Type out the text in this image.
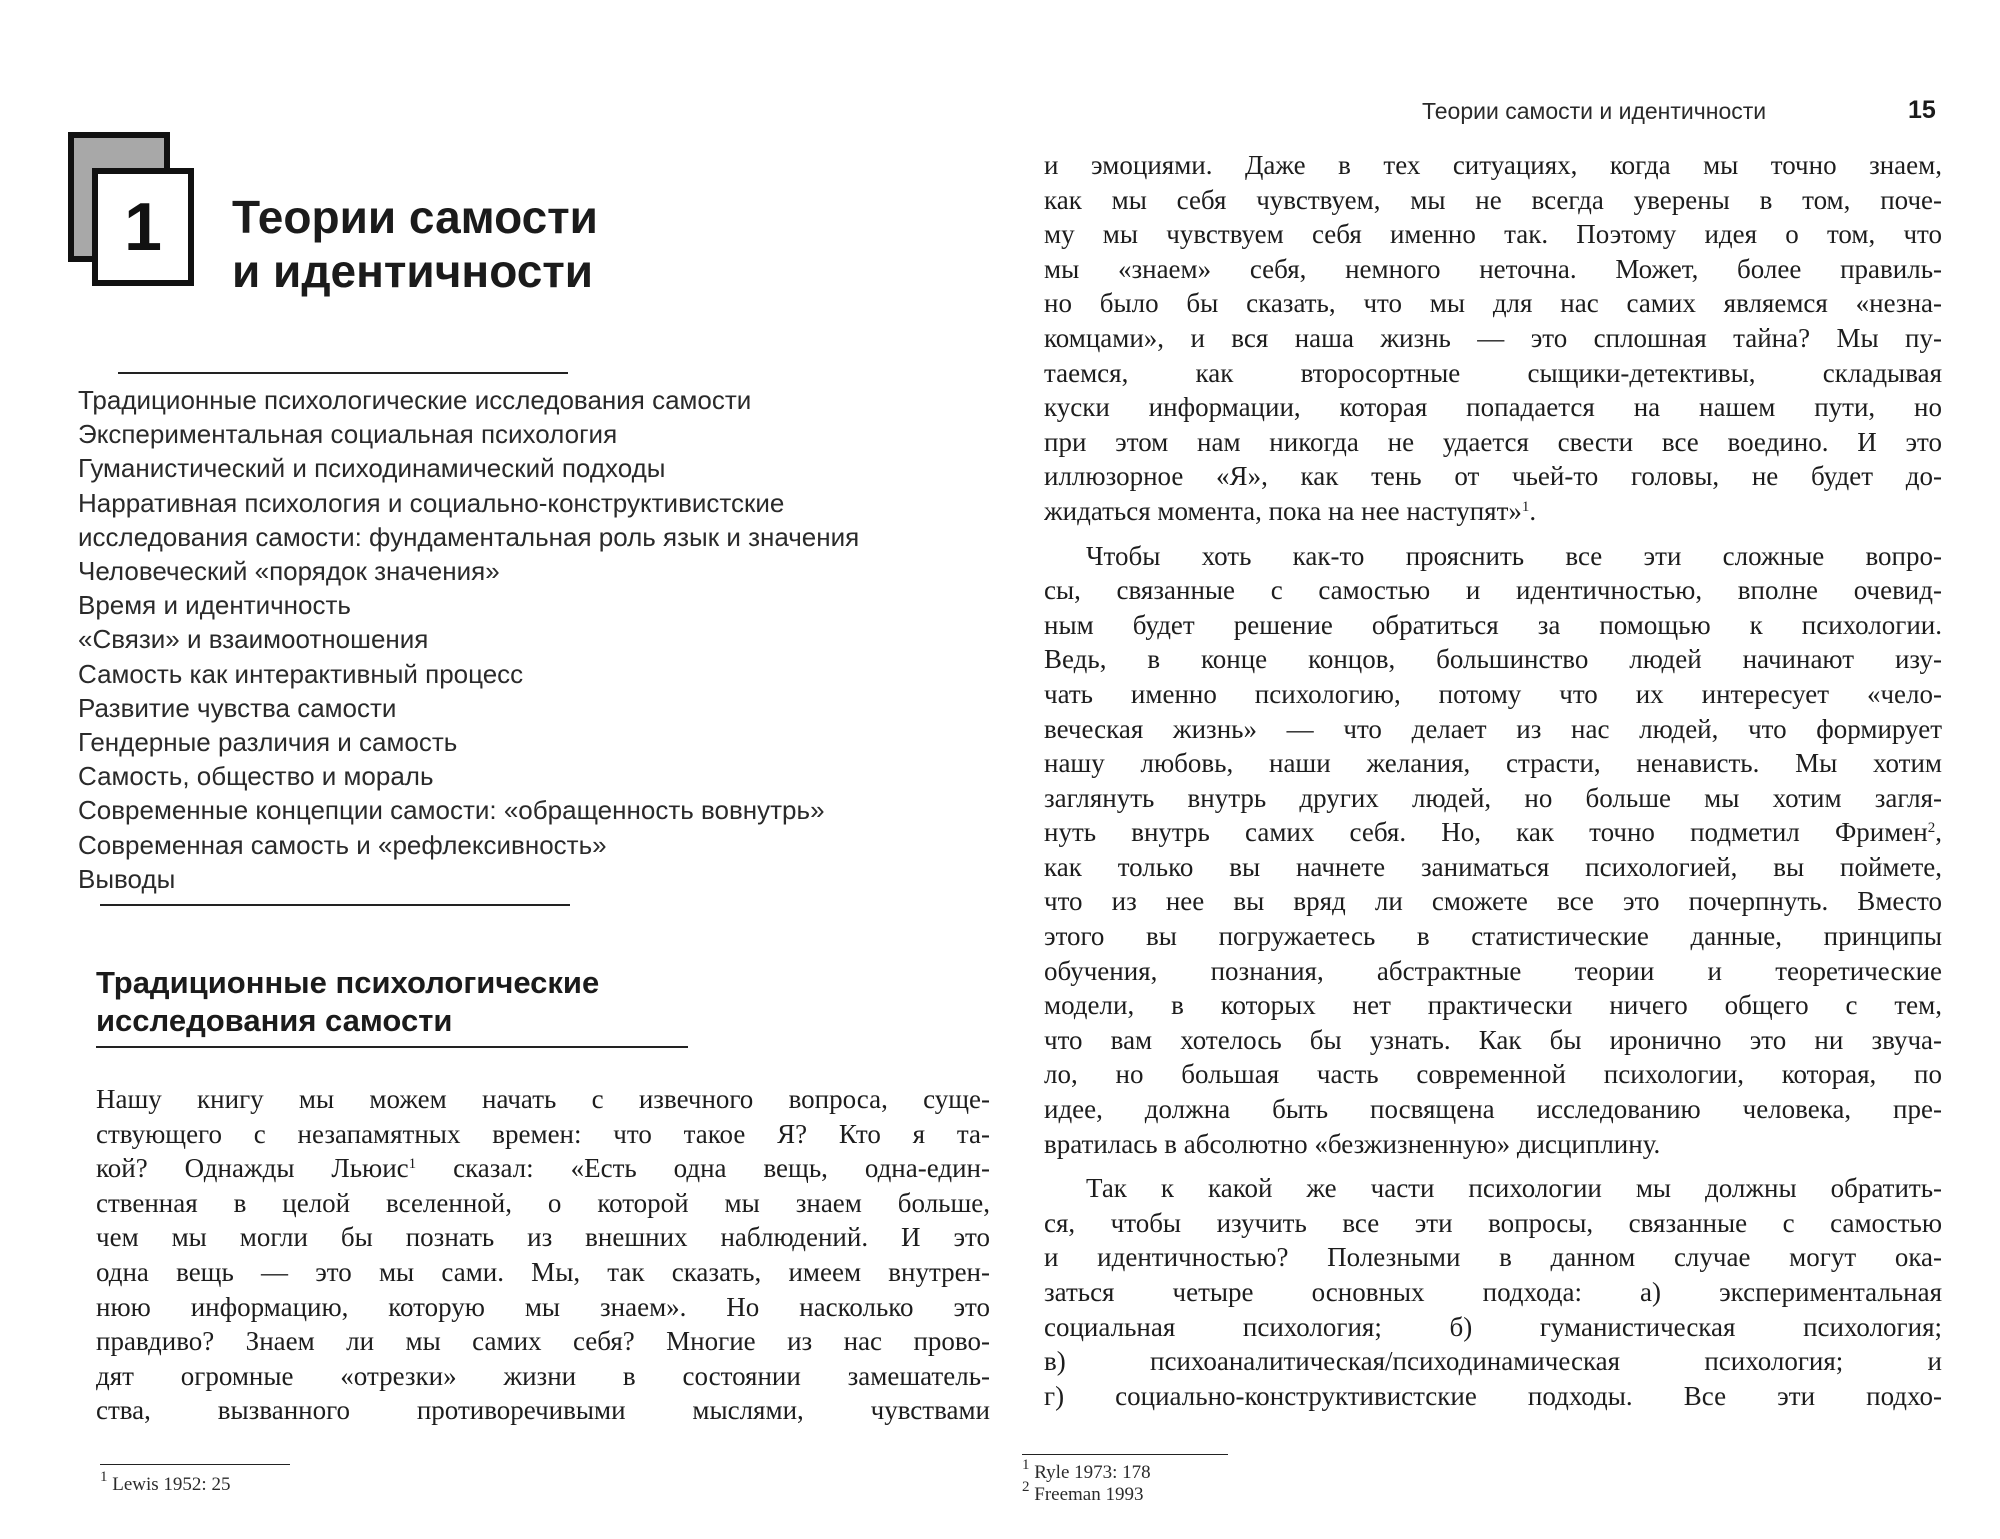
1	Теории самости
и идентичности
Традиционные психологические исследования самости
Экспериментальная социальная психология
Гуманистический и психодинамический подходы
Нарративная психология и социально-конструктивистские
исследования самости: фундаментальная роль язык и значения
Человеческий «порядок значения»
Время и идентичность
«Связи» и взаимоотношения
Самость как интерактивный процесс
Развитие чувства самости
Гендерные различия и самость
Самость, общество и мораль
Современные концепции самости: «обращенность вовнутрь»
Современная самость и «рефлексивность»
Выводы
Традиционные психологические
исследования самости
Нашу книгу мы можем начать с извечного вопроса, суще-
ствующего с незапамятных времен: что такое Я? Кто я та-
кой? Однажды Льюис$^1$ сказал: «Есть одна вещь, одна-един-
ственная в целой вселенной, о которой мы знаем больше,
чем мы могли бы познать из внешних наблюдений. И это
одна вещь — это мы сами. Мы, так сказать, имеем внутрен-
нюю информацию, которую мы знаем». Но насколько это
правдиво? Знаем ли мы самих себя? Многие из нас прово-
дят огромные «отрезки» жизни в состоянии замешатель-
ства, вызванного противоречивыми мыслями, чувствами

$^1$ Lewis 1952: 25

Теории самости и идентичности	15
и эмоциями. Даже в тех ситуациях, когда мы точно знаем,
как мы себя чувствуем, мы не всегда уверены в том, поче-
му мы чувствуем себя именно так. Поэтому идея о том, что
мы «знаем» себя, немного неточна. Может, более правиль-
но было бы сказать, что мы для нас самих являемся «незна-
комцами», и вся наша жизнь — это сплошная тайна? Мы пу-
таемся, как второсортные сыщики-детективы, складывая
куски информации, которая попадается на нашем пути, но
при этом нам никогда не удается свести все воедино. И это
иллюзорное «Я», как тень от чьей-то головы, не будет до-
жидаться момента, пока на нее наступят»$^1$.
Чтобы хоть как-то прояснить все эти сложные вопро-
сы, связанные с самостью и идентичностью, вполне очевид-
ным будет решение обратиться за помощью к психологии.
Ведь, в конце концов, большинство людей начинают изу-
чать именно психологию, потому что их интересует «чело-
веческая жизнь» — что делает из нас людей, что формирует
нашу любовь, наши желания, страсти, ненависть. Мы хотим
заглянуть внутрь других людей, но больше мы хотим загля-
нуть внутрь самих себя. Но, как точно подметил Фримен$^2$,
как только вы начнете заниматься психологией, вы поймете,
что из нее вы вряд ли сможете все это почерпнуть. Вместо
этого вы погружаетесь в статистические данные, принципы
обучения, познания, абстрактные теории и теоретические
модели, в которых нет практически ничего общего с тем,
что вам хотелось бы узнать. Как бы иронично это ни звуча-
ло, но большая часть современной психологии, которая, по
идее, должна быть посвящена исследованию человека, пре-
вратилась в абсолютно «безжизненную» дисциплину.
Так к какой же части психологии мы должны обратить-
ся, чтобы изучить все эти вопросы, связанные с самостью
и идентичностью? Полезными в данном случае могут ока-
заться четыре основных подхода: а) экспериментальная
социальная психология; б) гуманистическая психология;
в) психоаналитическая/психодинамическая психология; и
г) социально-конструктивистские подходы. Все эти подхо-

$^1$ Ryle 1973: 178

$^2$ Freeman 1993
